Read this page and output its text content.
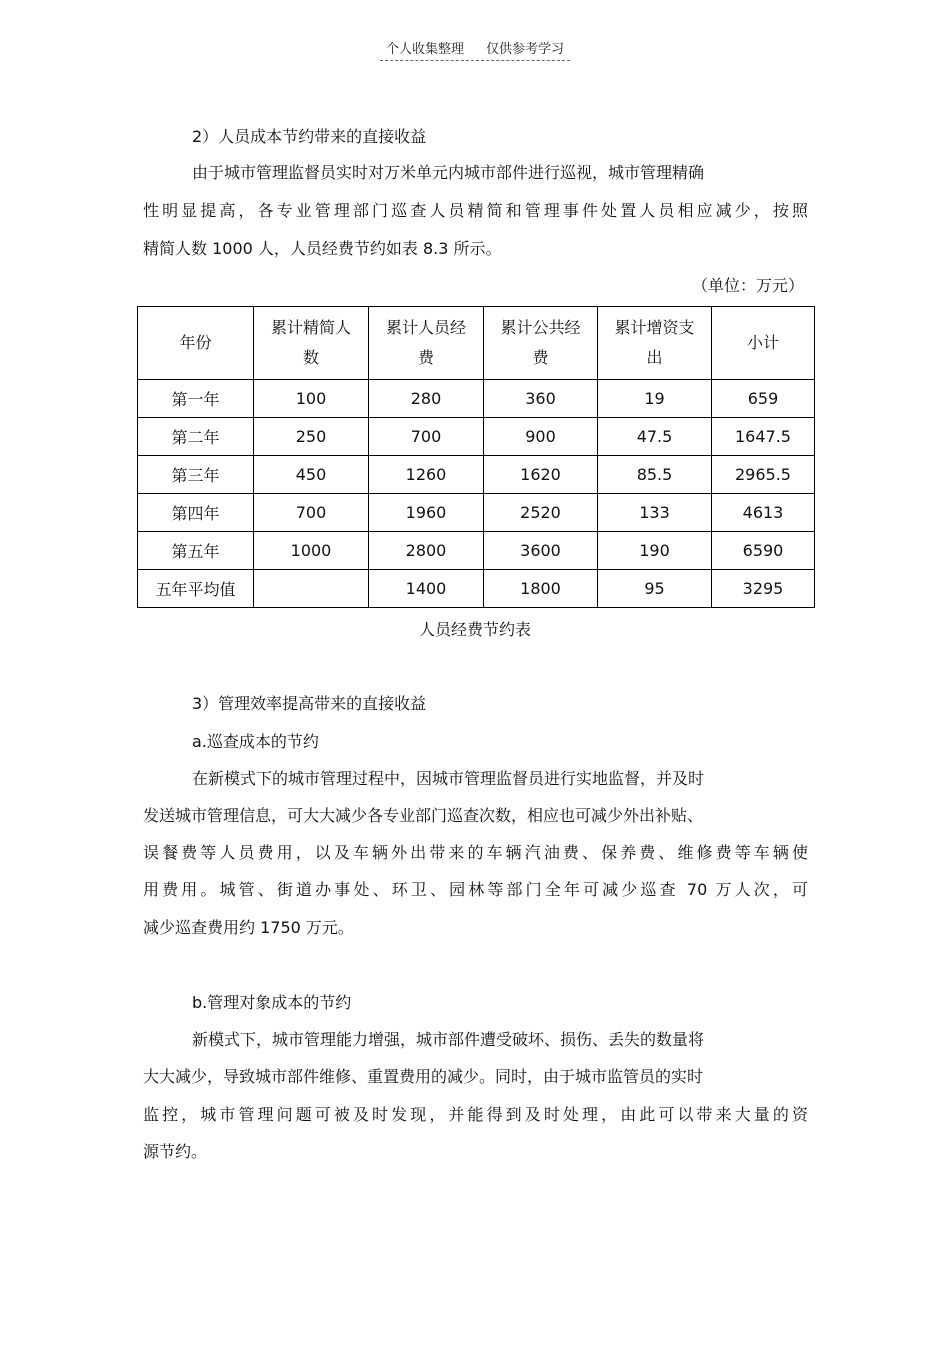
个人收集整理 仅供参考学习
2）人员成本节约带来的直接收益
由于城市管理监督员实时对万米单元内城市部件进行巡视，城市管理精确
性明显提高，各专业管理部门巡查人员精简和管理事件处置人员相应减少，按照
精简人数 1000 人，人员经费节约如表 8.3 所示。
（单位：万元）
年份	累计精简人数	累计人员经费	累计公共经费	累计增资支出	小计
第一年	100	280	360	19	659
第二年	250	700	900	47.5	1647.5
第三年	450	1260	1620	85.5	2965.5
第四年	700	1960	2520	133	4613
第五年	1000	2800	3600	190	6590
五年平均值		1400	1800	95	3295
人员经费节约表
3）管理效率提高带来的直接收益
a.巡查成本的节约
在新模式下的城市管理过程中，因城市管理监督员进行实地监督，并及时
发送城市管理信息，可大大减少各专业部门巡查次数，相应也可减少外出补贴、
误餐费等人员费用，以及车辆外出带来的车辆汽油费、保养费、维修费等车辆使
用费用。城管、街道办事处、环卫、园林等部门全年可减少巡查 70 万人次，可
减少巡查费用约 1750 万元。
b.管理对象成本的节约
新模式下，城市管理能力增强，城市部件遭受破坏、损伤、丢失的数量将
大大减少，导致城市部件维修、重置费用的减少。同时，由于城市监管员的实时
监控，城市管理问题可被及时发现，并能得到及时处理，由此可以带来大量的资
源节约。
